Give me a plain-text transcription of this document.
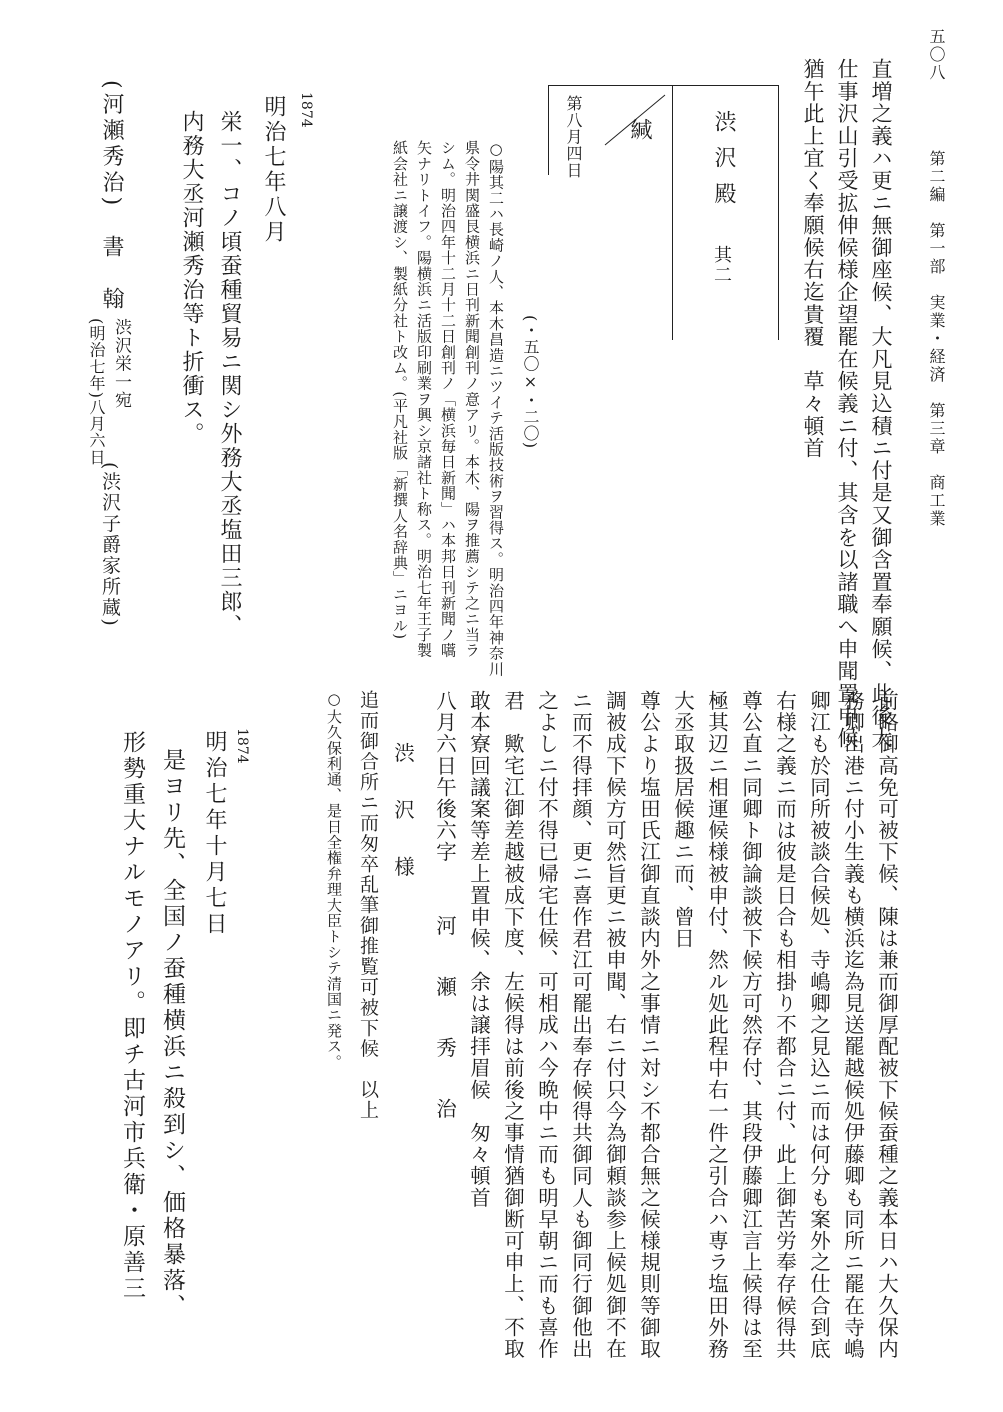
五〇八
第二編　第一部　実業・経済　第三章　商工業
直増之義ハ更ニ無御座候、大凡見込積ニ付是又御含置奉願候、此後大
仕事沢山引受拡伸候様企望罷在候義ニ付、其含を以諸職へ申聞置申候
猶午此上宜く奉願候右迄貴覆　草々頓首
渋沢殿
其二
緘
第八月四日
(・五〇×・二〇)
○陽其二ハ長崎ノ人、本木昌造ニツイテ活版技術ヲ習得ス。明治四年神奈川
県令井関盛艮横浜ニ日刊新聞創刊ノ意アリ。本木、陽ヲ推薦シテ之ニ当ラ
シム。明治四年十二月十二日創刊ノ「横浜毎日新聞」ハ本邦日刊新聞ノ嚆
矢ナリトイフ。陽横浜ニ活版印刷業ヲ興シ京諸社ト称ス。明治七年王子製
紙会社ニ譲渡シ、製紙分社ト改ム。(平凡社版「新撰人名辞典」ニヨル)
1874
明治七年八月
栄一、コノ頃蚕種貿易ニ関シ外務大丞塩田三郎、
内務大丞河瀬秀治等ト折衝ス。
(河瀬秀治)　書　翰
渋沢栄一宛
(明治七年)八月六日
(渋沢子爵家所蔵)
前略御高免可被下候、陳は兼而御厚配被下候蚕種之義本日ハ大久保内
務卿出港ニ付小生義も横浜迄為見送罷越候処伊藤卿も同所ニ罷在寺嶋
卿江も於同所被談合候処、寺嶋卿之見込ニ而は何分も案外之仕合到底
右様之義ニ而は彼是日合も相掛り不都合ニ付、此上御苦労奉存候得共
尊公直ニ同卿ト御論談被下候方可然存付、其段伊藤卿江言上候得は至
極其辺ニ相運候様被申付、然ル処此程中右一件之引合ハ専ラ塩田外務
大丞取扱居候趣ニ而、曾日
尊公より塩田氏江御直談内外之事情ニ対シ不都合無之候様規則等御取
調被成下候方可然旨更ニ被申聞、右ニ付只今為御頼談参上候処御不在
ニ而不得拝顔、更ニ喜作君江可罷出奉存候得共御同人も御同行御他出
之よしニ付不得已帰宅仕候、可相成ハ今晩中ニ而も明早朝ニ而も喜作
君　歟宅江御差越被成下度、左候得は前後之事情猶御断可申上、不取
敢本寮回議案等差上置申候、余は譲拝眉候　匆々頓首
八月六日午後六字
河　瀬　秀　治
渋　沢　様
追而御合所ニ而匆卒乱筆御推覧可被下候　以上
○大久保利通、是日全権弁理大臣トシテ清国ニ発ス。
1874
明治七年十月七日
是ヨリ先、全国ノ蚕種横浜ニ殺到シ、価格暴落、
形勢重大ナルモノアリ。即チ古河市兵衛・原善三
